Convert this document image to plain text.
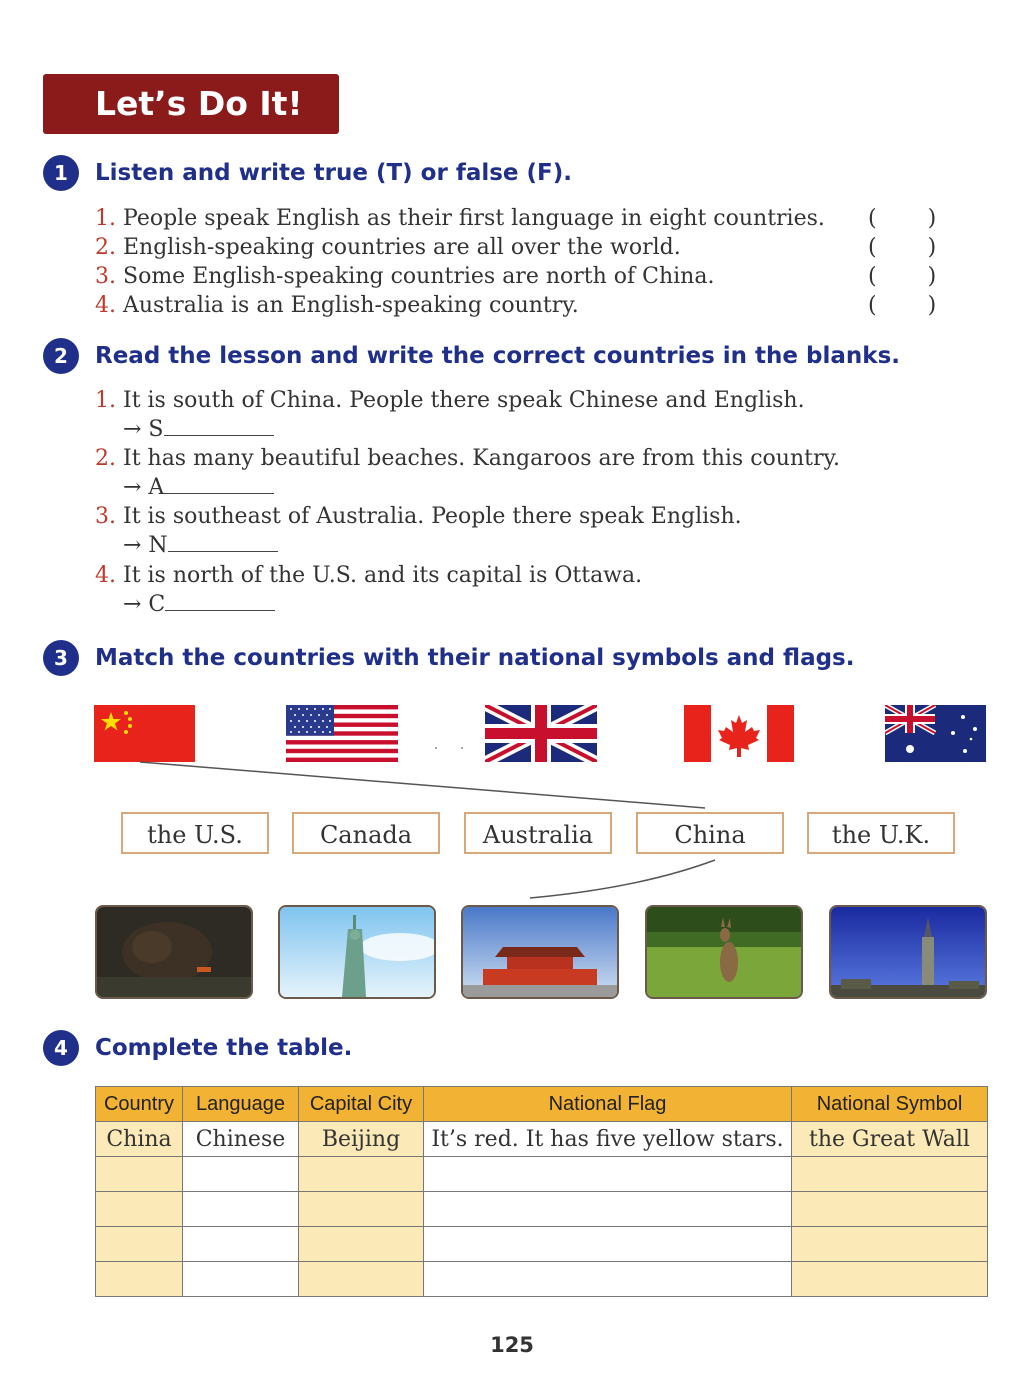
Let’s Do It!
1	Listen and write true (T) or false (F).
1. People speak English as their first language in eight countries. ( )
2. English-speaking countries are all over the world.	( )
3. Some English-speaking countries are north of China.	( )
4. Australia is an English-speaking country.	( )
2	Read the lesson and write the correct countries in the blanks.
1. It is south of China. People there speak Chinese and English.
→ S
2. It has many beautiful beaches. Kangaroos are from this country.
→ A
3. It is southeast of Australia. People there speak English.
→ N
4. It is north of the U.S. and its capital is Ottawa.
→ C
3	Match the countries with their national symbols and flags.
the U.S.	Canada	Australia	China	the U.K.
4	Complete the table.
Country	Language	Capital City	National Flag	National Symbol
China	Chinese	Beijing	It’s red. It has five yellow stars.	the Great Wall

125
